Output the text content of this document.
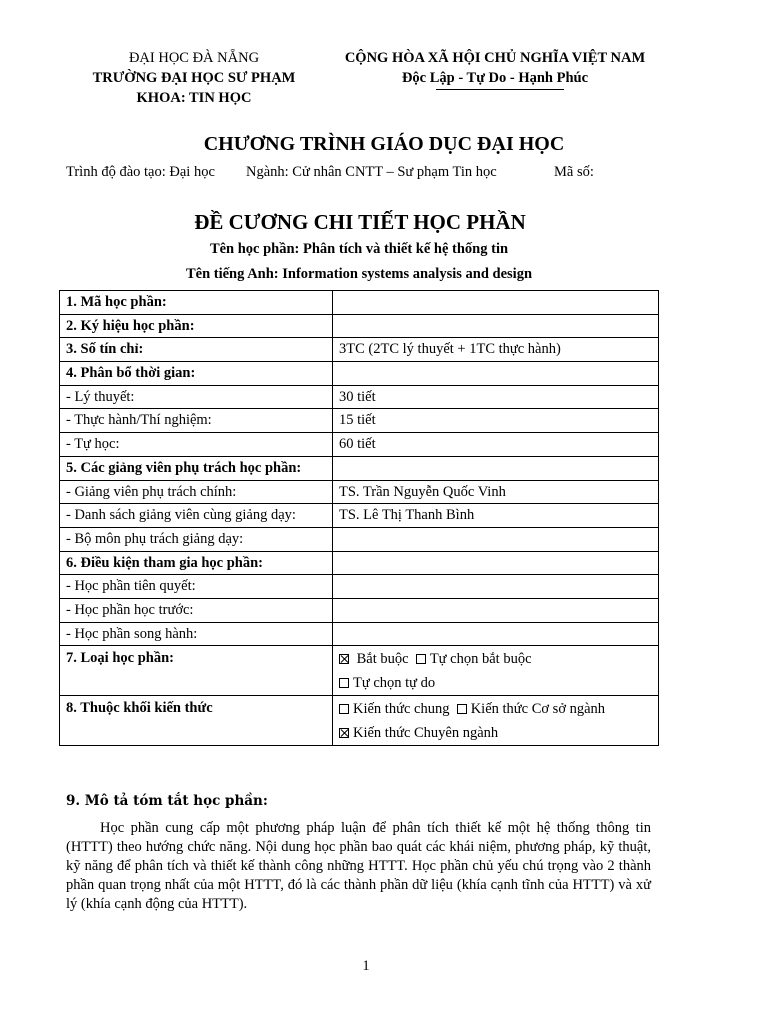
ĐẠI HỌC ĐÀ NẴNG
TRƯỜNG ĐẠI HỌC SƯ PHẠM
KHOA: TIN HỌC
CỘNG HÒA XÃ HỘI CHỦ NGHĨA VIỆT NAM
Độc Lập - Tự Do - Hạnh Phúc
CHƯƠNG TRÌNH GIÁO DỤC ĐẠI HỌC
Trình độ đào tạo: Đại học Ngành: Cử nhân CNTT – Sư phạm Tin học	Mã số:
ĐỀ CƯƠNG CHI TIẾT HỌC PHẦN
Tên học phần: Phân tích và thiết kế hệ thống tin
Tên tiếng Anh: Information systems analysis and design
1. Mã học phần:	
2. Ký hiệu học phần:	
3. Số tín chỉ:	3TC (2TC lý thuyết + 1TC thực hành)
4. Phân bổ thời gian:	
- Lý thuyết:	30 tiết
- Thực hành/Thí nghiệm:	15 tiết
- Tự học:	60 tiết
5. Các giảng viên phụ trách học phần:	
- Giảng viên phụ trách chính:	TS. Trần Nguyễn Quốc Vinh
- Danh sách giảng viên cùng giảng dạy:	TS. Lê Thị Thanh Bình
- Bộ môn phụ trách giảng dạy:	
6. Điều kiện tham gia học phần:	
- Học phần tiên quyết:	
- Học phần học trước:	
- Học phần song hành:	
7. Loại học phần:	Bắt buộc Tự chọn bắt buộc
Tự chọn tự do

8. Thuộc khối kiến thức	Kiến thức chung Kiến thức Cơ sở ngành
Kiến thức Chuyên ngành
9. Mô tả tóm tắt học phần:
Học phần cung cấp một phương pháp luận để phân tích thiết kế một hệ thống thông tin (HTTT) theo hướng chức năng. Nội dung học phần bao quát các khái niệm, phương pháp, kỹ thuật, kỹ năng để phân tích và thiết kế thành công những HTTT. Học phần chủ yếu chú trọng vào 2 thành phần quan trọng nhất của một HTTT, đó là các thành phần dữ liệu (khía cạnh tĩnh của HTTT) và xử lý (khía cạnh động của HTTT).
1
